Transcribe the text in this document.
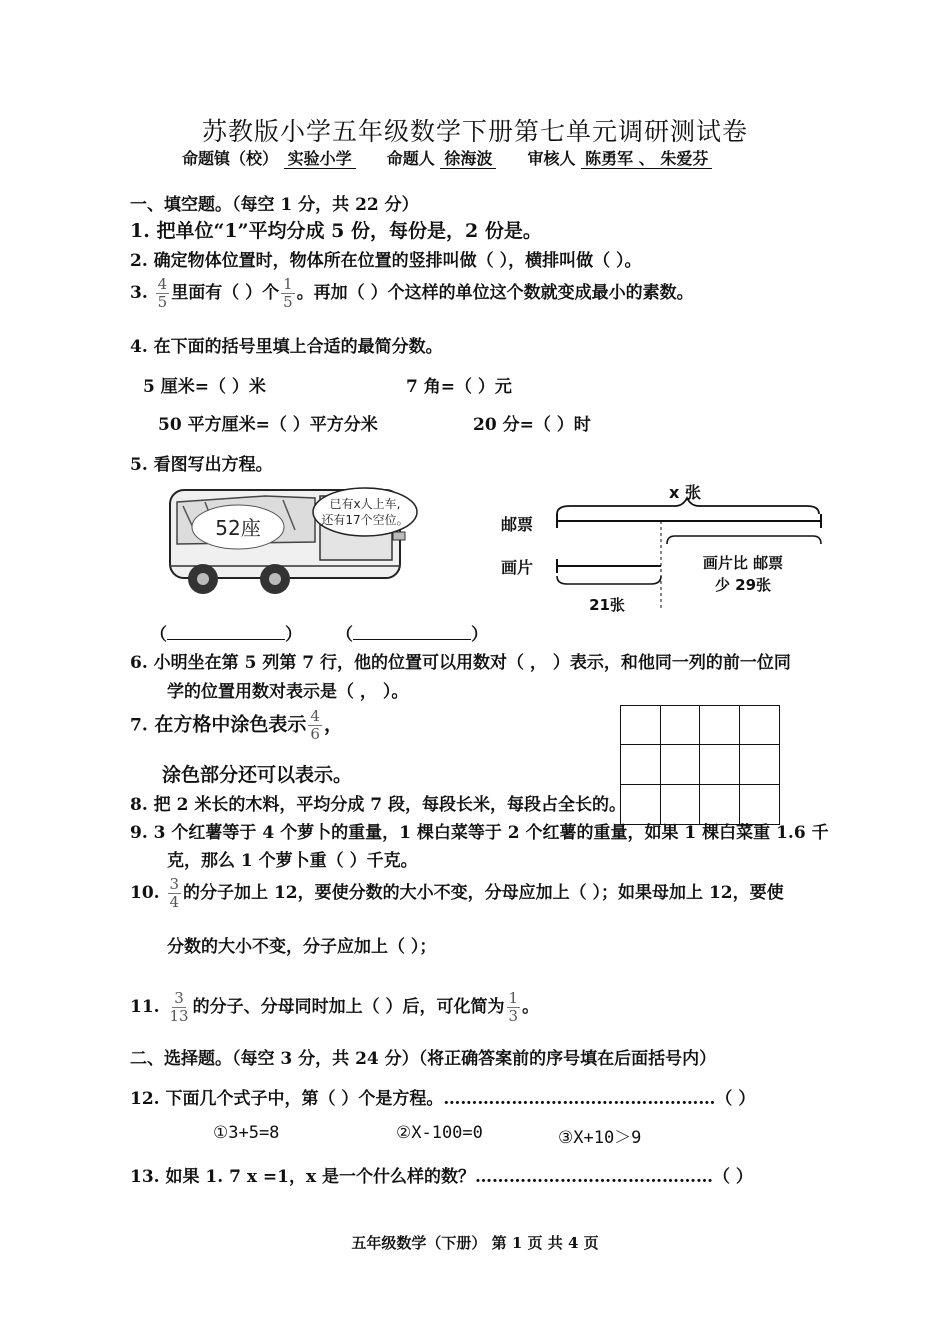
苏教版小学五年级数学下册第七单元调研测试卷
命题镇（校） 实验小学 命题人 徐海波 审核人 陈勇军 、 朱爱芬
一、填空题。（每空 1 分，共 22 分）
1. 把单位“1”平均分成 5 份，每份是，2 份是。
2. 确定物体位置时，物体所在位置的竖排叫做（ ），横排叫做（ ）。
3. $\frac{4}{5}$ 里面有（ ）个 $\frac{1}{5}$ 。再加（ ）个这样的单位这个数就变成最小的素数。
4. 在下面的括号里填上合适的最简分数。
5 厘米=（ ）米	7 角=（ ）元
50 平方厘米=（ ）平方分米	20 分=（ ）时
5. 看图写出方程。
52座
已有x人上车,
还有17个空位。
x 张
邮票
画片	画片比 邮票
少 29张
21张
（	） （	）
6. 小明坐在第 5 列第 7 行，他的位置可以用数对（ ， ）表示，和他同一列的前一位同
学的位置用数对表示是（ ， ）。
7. 在方格中涂色表示 $\frac{4}{6}$ ，
涂色部分还可以表示。
8. 把 2 米长的木料，平均分成 7 段，每段长米，每段占全长的。
9. 3 个红薯等于 4 个萝卜的重量，1 棵白菜等于 2 个红薯的重量，如果 1 棵白菜重 1.6 千
克，那么 1 个萝卜重（ ）千克。
10. $\frac{3}{4}$ 的分子加上 12，要使分数的大小不变，分母应加上（ ）；如果母加上 12，要使
分数的大小不变，分子应加上（ ）；
11. $\frac{3}{13}$ 的分子、分母同时加上（ ）后，可化简为 $\frac{1}{3}$ 。
二、选择题。（每空 3 分，共 24 分）（将正确答案前的序号填在后面括号内）
12. 下面几个式子中，第（ ）个是方程。…………………………………………（ ）
①3+5=8	②X-100=0	③X+10＞9
13. 如果 1. 7 x =1，x 是一个什么样的数？……………………………………（ ）
五年级数学（下册） 第 1 页 共 4 页
